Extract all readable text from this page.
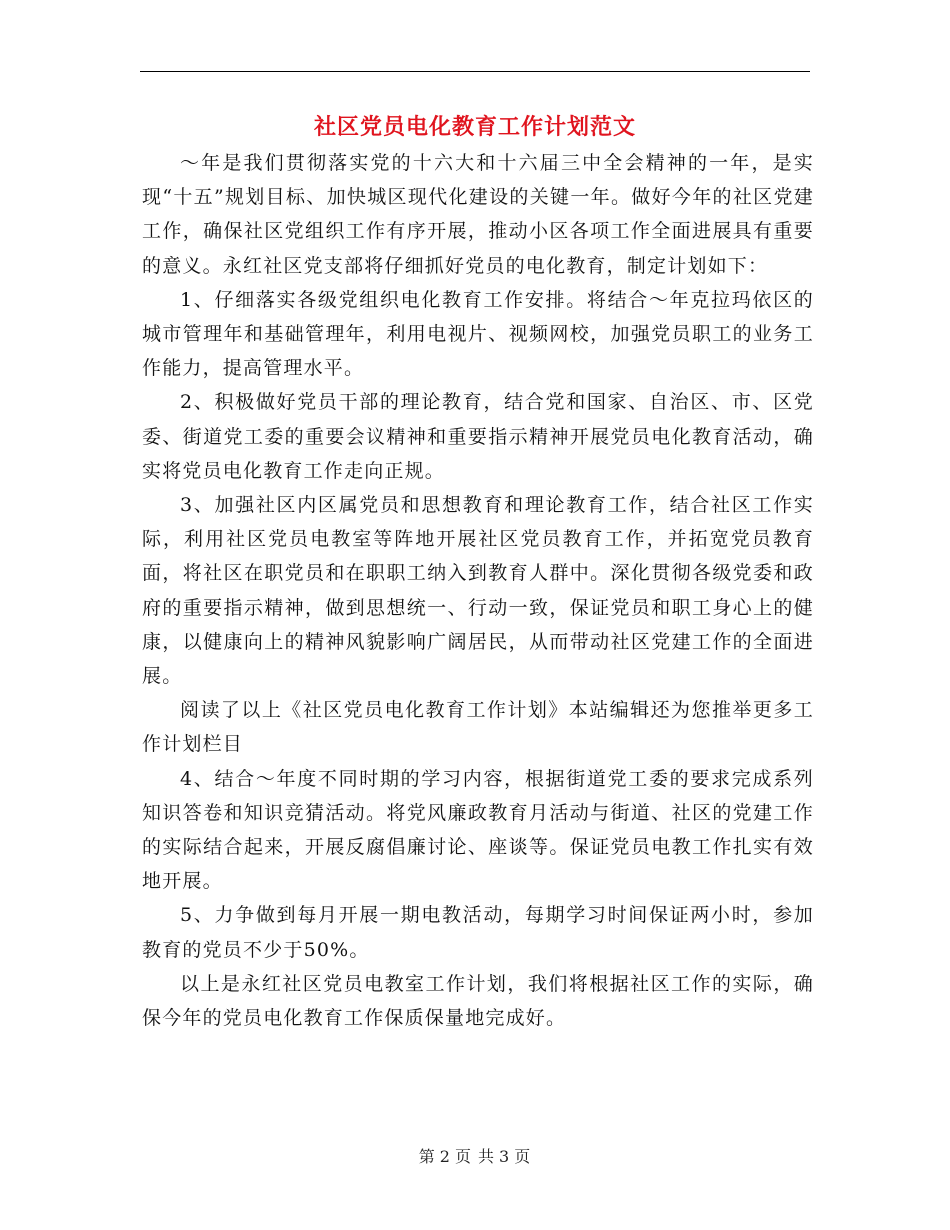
社区党员电化教育工作计划范文

～年是我们贯彻落实党的十六大和十六届三中全会精神的一年，是实现“十五”规划目标、加快城区现代化建设的关键一年。做好今年的社区党建工作，确保社区党组织工作有序开展，推动小区各项工作全面进展具有重要的意义。永红社区党支部将仔细抓好党员的电化教育，制定计划如下：

1、仔细落实各级党组织电化教育工作安排。将结合～年克拉玛依区的城市管理年和基础管理年，利用电视片、视频网校，加强党员职工的业务工作能力，提高管理水平。

2、积极做好党员干部的理论教育，结合党和国家、自治区、市、区党委、街道党工委的重要会议精神和重要指示精神开展党员电化教育活动，确实将党员电化教育工作走向正规。

3、加强社区内区属党员和思想教育和理论教育工作，结合社区工作实际，利用社区党员电教室等阵地开展社区党员教育工作，并拓宽党员教育面，将社区在职党员和在职职工纳入到教育人群中。深化贯彻各级党委和政府的重要指示精神，做到思想统一、行动一致，保证党员和职工身心上的健康，以健康向上的精神风貌影响广阔居民，从而带动社区党建工作的全面进展。

阅读了以上《社区党员电化教育工作计划》本站编辑还为您推举更多工作计划栏目

4、结合～年度不同时期的学习内容，根据街道党工委的要求完成系列知识答卷和知识竞猜活动。将党风廉政教育月活动与街道、社区的党建工作的实际结合起来，开展反腐倡廉讨论、座谈等。保证党员电教工作扎实有效地开展。

5、力争做到每月开展一期电教活动，每期学习时间保证两小时，参加教育的党员不少于50%。

以上是永红社区党员电教室工作计划，我们将根据社区工作的实际，确保今年的党员电化教育工作保质保量地完成好。

第 2 页 共 3 页
